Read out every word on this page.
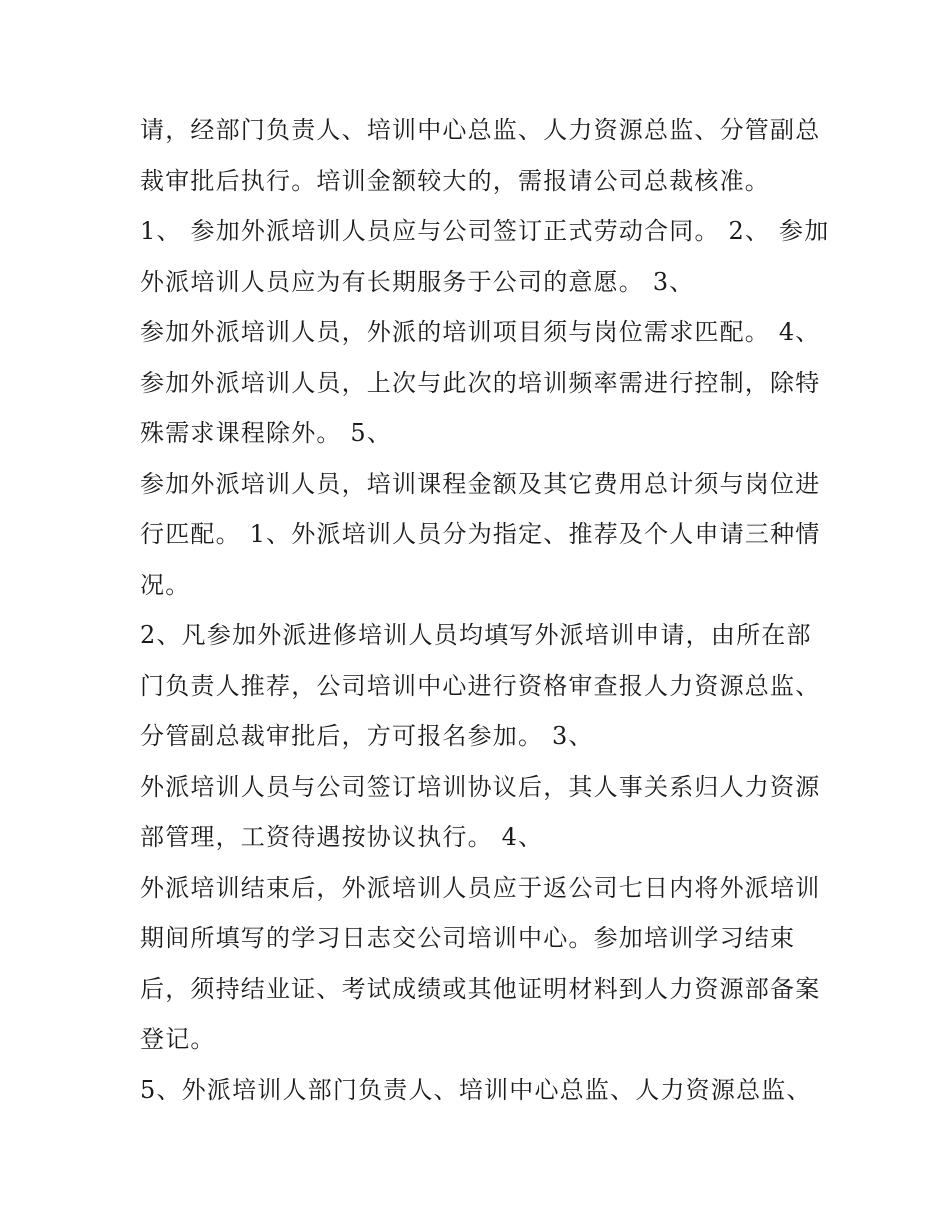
请，经部门负责人、培训中心总监、人力资源总监、分管副总
裁审批后执行。培训金额较大的，需报请公司总裁核准。
1、 参加外派培训人员应与公司签订正式劳动合同。 2、 参加
外派培训人员应为有长期服务于公司的意愿。 3、
参加外派培训人员，外派的培训项目须与岗位需求匹配。 4、
参加外派培训人员，上次与此次的培训频率需进行控制，除特
殊需求课程除外。 5、
参加外派培训人员，培训课程金额及其它费用总计须与岗位进
行匹配。 1、外派培训人员分为指定、推荐及个人申请三种情
况。
2、凡参加外派进修培训人员均填写外派培训申请，由所在部
门负责人推荐，公司培训中心进行资格审查报人力资源总监、
分管副总裁审批后，方可报名参加。 3、
外派培训人员与公司签订培训协议后，其人事关系归人力资源
部管理，工资待遇按协议执行。 4、
外派培训结束后，外派培训人员应于返公司七日内将外派培训
期间所填写的学习日志交公司培训中心。参加培训学习结束
后，须持结业证、考试成绩或其他证明材料到人力资源部备案
登记。
5、外派培训人部门负责人、培训中心总监、人力资源总监、
